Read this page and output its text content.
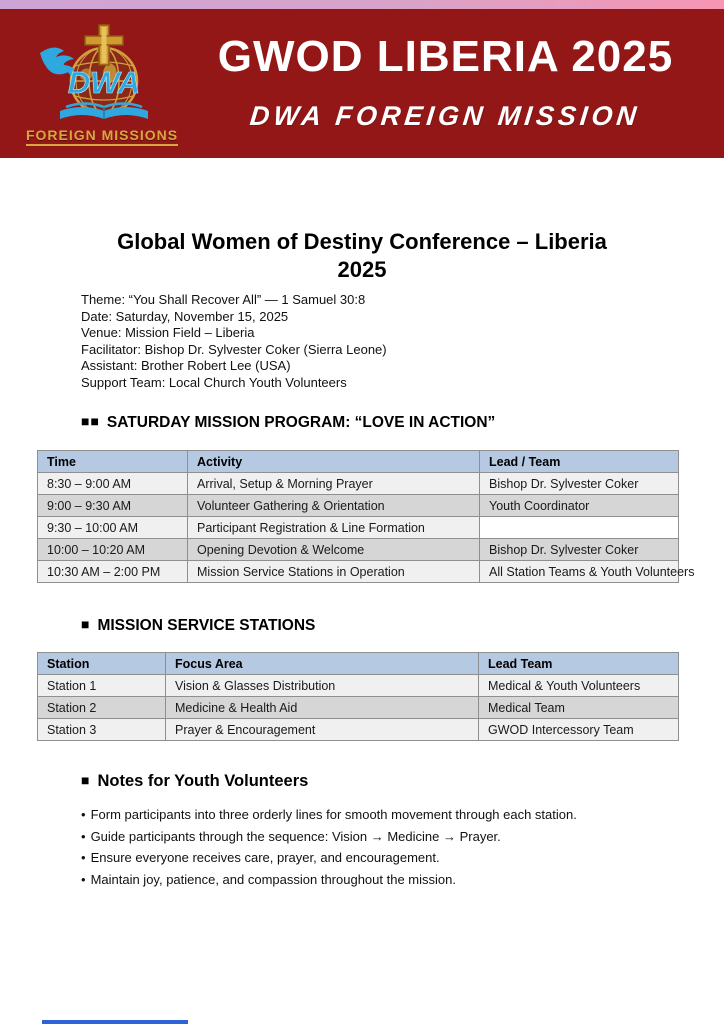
DWA
FOREIGN MISSIONS
GWOD LIBERIA 2025
DWA FOREIGN MISSION
Global Women of Destiny Conference – Liberia
2025
Theme: “You Shall Recover All” — 1 Samuel 30:8
Date: Saturday, November 15, 2025
Venue: Mission Field – Liberia
Facilitator: Bishop Dr. Sylvester Coker (Sierra Leone)
Assistant: Brother Robert Lee (USA)
Support Team: Local Church Youth Volunteers
■■ SATURDAY MISSION PROGRAM: “LOVE IN ACTION”
Time	Activity	Lead / Team
8:30 – 9:00 AM	Arrival, Setup & Morning Prayer	Bishop Dr. Sylvester Coker
9:00 – 9:30 AM	Volunteer Gathering & Orientation	Youth Coordinator
9:30 – 10:00 AM	Participant Registration & Line Formation	
10:00 – 10:20 AM	Opening Devotion & Welcome	Bishop Dr. Sylvester Coker
10:30 AM – 2:00 PM	Mission Service Stations in Operation	All Station Teams & Youth Volunteers
■ MISSION SERVICE STATIONS
Station	Focus Area	Lead Team
Station 1	Vision & Glasses Distribution	Medical & Youth Volunteers
Station 2	Medicine & Health Aid	Medical Team
Station 3	Prayer & Encouragement	GWOD Intercessory Team
■ Notes for Youth Volunteers
• Form participants into three orderly lines for smooth movement through each station.
• Guide participants through the sequence: Vision → Medicine → Prayer.
• Ensure everyone receives care, prayer, and encouragement.
• Maintain joy, patience, and compassion throughout the mission.
